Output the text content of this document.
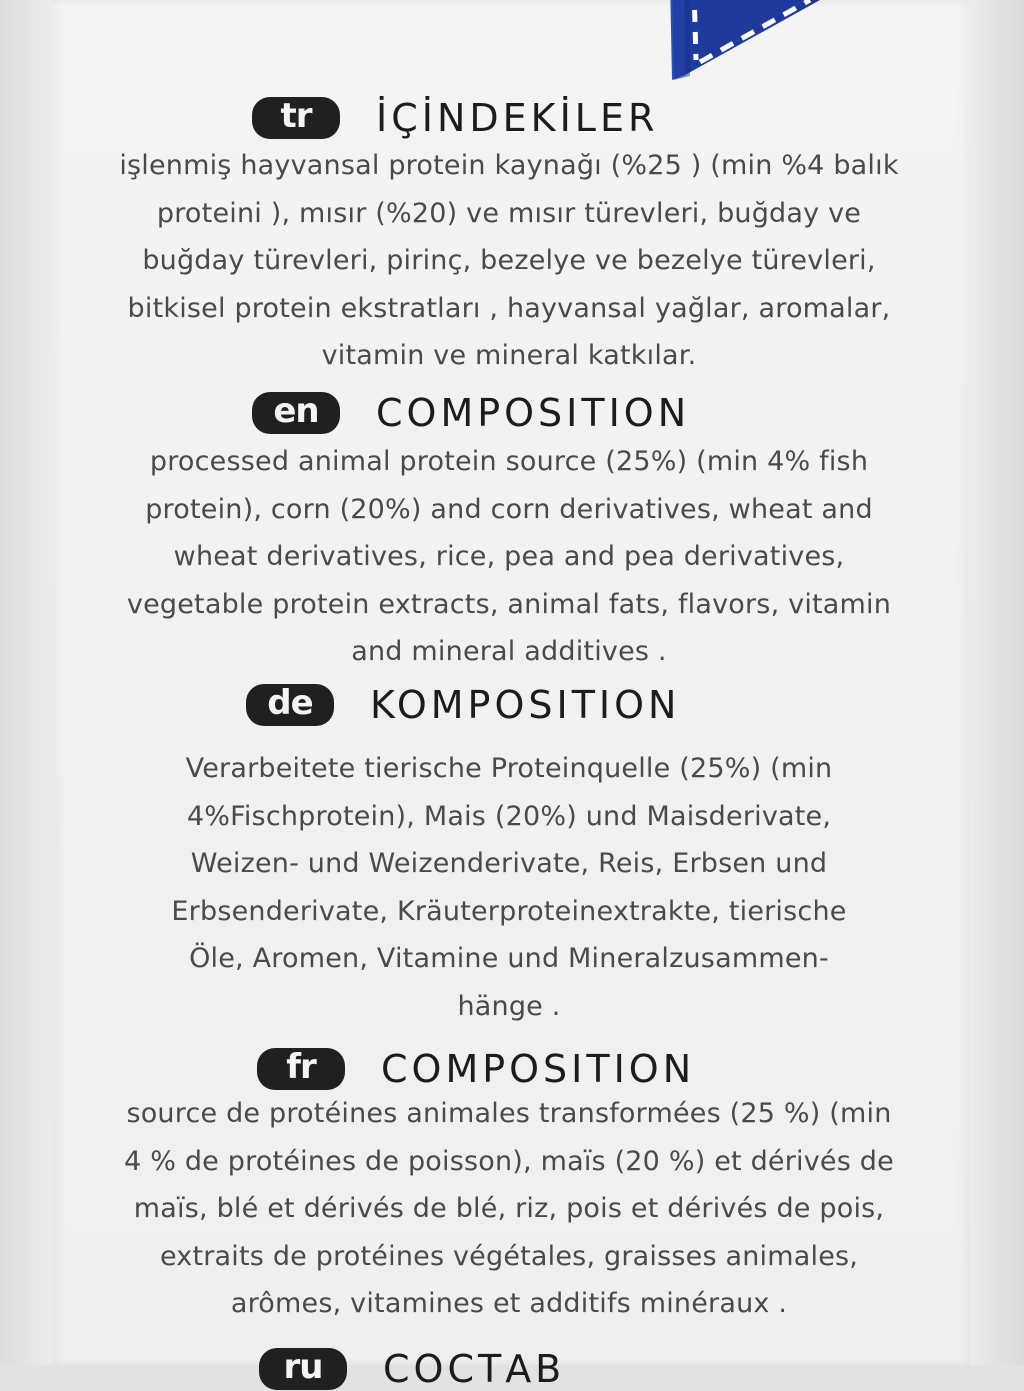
tr	İÇİNDEKİLER
işlenmiş hayvansal protein kaynağı (%25 ) (min %4 balık
proteini ), mısır (%20) ve mısır türevleri, buğday ve
buğday türevleri, pirinç, bezelye ve bezelye türevleri,
bitkisel protein ekstratları , hayvansal yağlar, aromalar,
vitamin ve mineral katkılar.
en	COMPOSITION
processed animal protein source (25%) (min 4% fish
protein), corn (20%) and corn derivatives, wheat and
wheat derivatives, rice, pea and pea derivatives,
vegetable protein extracts, animal fats, flavors, vitamin
and mineral additives .
de	KOMPOSITION
Verarbeitete tierische Proteinquelle (25%) (min
4%Fischprotein), Mais (20%) und Maisderivate,
Weizen- und Weizenderivate, Reis, Erbsen und
Erbsenderivate, Kräuterproteinextrakte, tierische
Öle, Aromen, Vitamine und Mineralzusammen-
hänge .
fr	COMPOSITION
source de protéines animales transformées (25 %) (min
4 % de protéines de poisson), maïs (20 %) et dérivés de
maïs, blé et dérivés de blé, riz, pois et dérivés de pois,
extraits de protéines végétales, graisses animales,
arômes, vitamines et additifs minéraux .
ru	СОСТАВ
